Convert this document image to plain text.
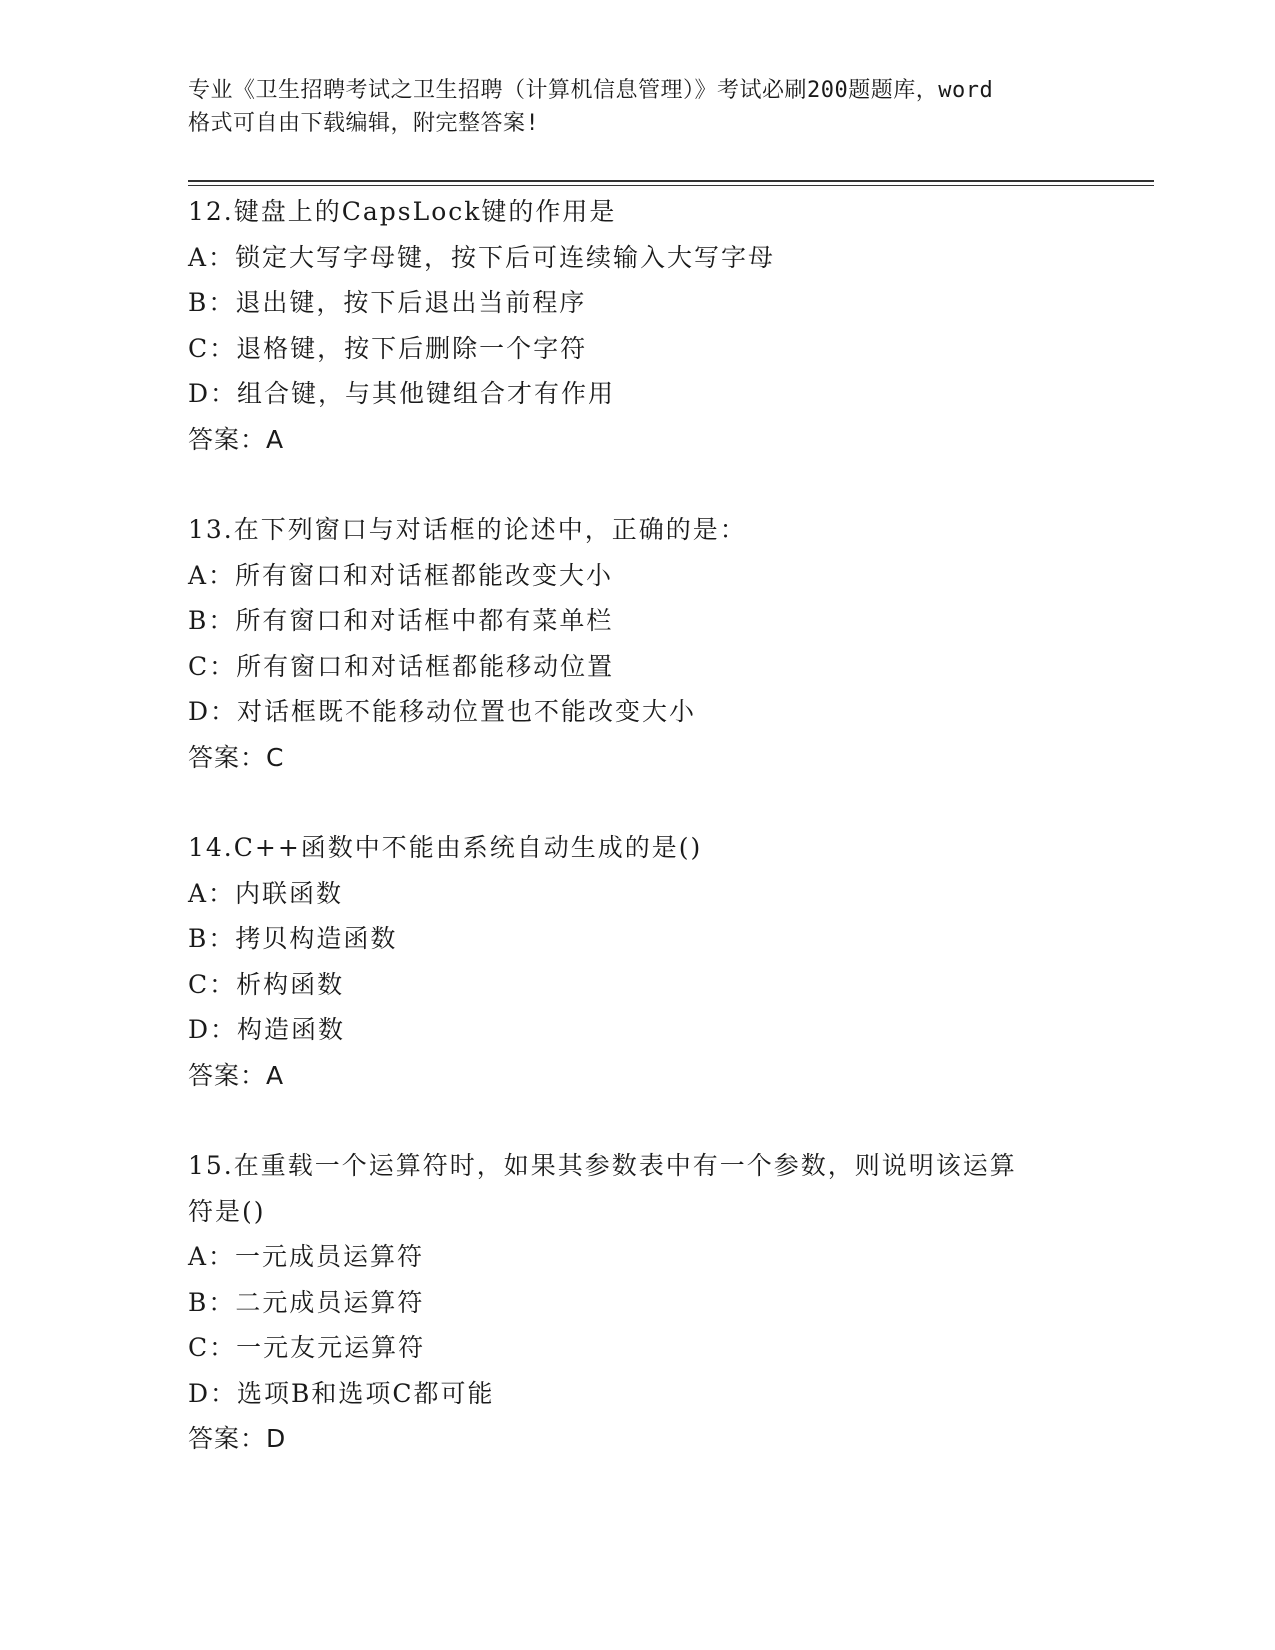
专业《卫生招聘考试之卫生招聘（计算机信息管理）》考试必刷200题题库，word
格式可自由下载编辑，附完整答案!
12.键盘上的CapsLock键的作用是
A：锁定大写字母键，按下后可连续输入大写字母
B：退出键，按下后退出当前程序
C：退格键，按下后删除一个字符
D：组合键，与其他键组合才有作用
答案：A
13.在下列窗口与对话框的论述中，正确的是：
A：所有窗口和对话框都能改变大小
B：所有窗口和对话框中都有菜单栏
C：所有窗口和对话框都能移动位置
D：对话框既不能移动位置也不能改变大小
答案：C
14.C++函数中不能由系统自动生成的是()
A：内联函数
B：拷贝构造函数
C：析构函数
D：构造函数
答案：A
15.在重载一个运算符时，如果其参数表中有一个参数，则说明该运算
符是()
A：一元成员运算符
B：二元成员运算符
C：一元友元运算符
D：选项B和选项C都可能
答案：D
